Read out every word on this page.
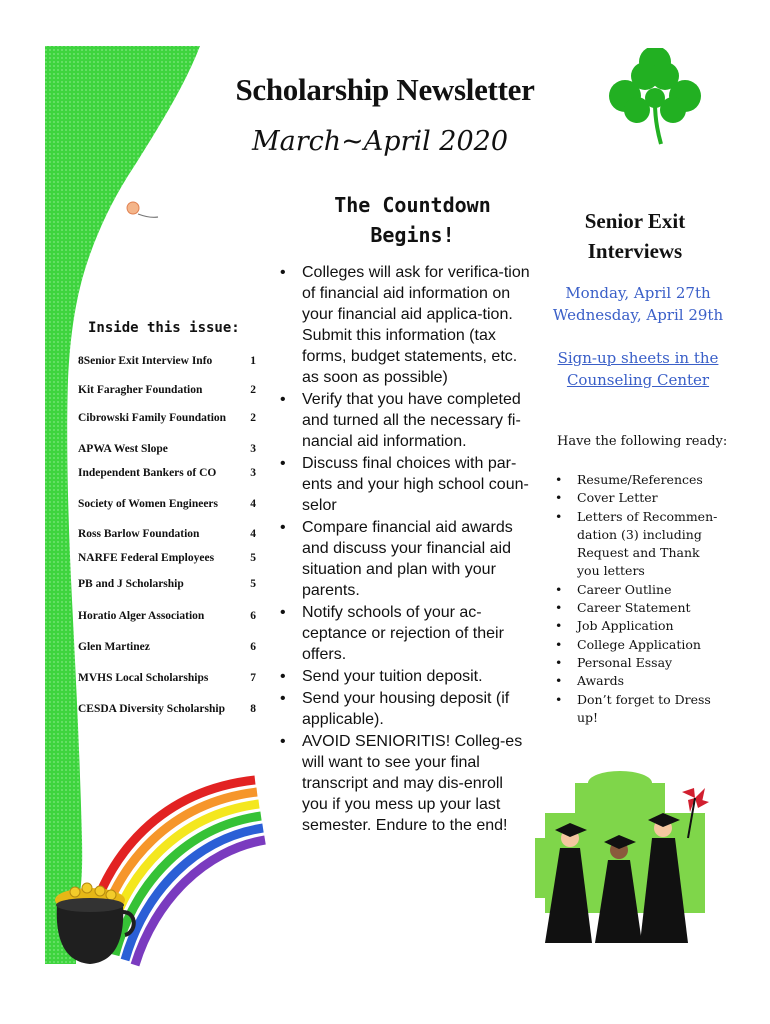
Scholarship Newsletter
March~April 2020
The Countdown
Begins!
Inside this issue:
8Senior Exit Interview Info	1
Kit Faragher Foundation	2
Cibrowski Family Foundation 2
APWA West Slope	3
Independent Bankers of CO	3
Society of Women Engineers	4
Ross Barlow Foundation	4
NARFE Federal Employees	5
PB and J Scholarship	5
Horatio Alger Association	6
Glen Martinez	6
MVHS Local Scholarships	7
CESDA Diversity Scholarship 8
• Colleges will ask for verifica-tion of financial aid information on your financial aid applica-tion. Submit this information (tax forms, budget statements, etc. as soon as possible)
• Verify that you have completed and turned all the necessary fi-nancial aid information.
• Discuss final choices with par-ents and your high school coun-selor
• Compare financial aid awards and discuss your financial aid situation and plan with your parents.
• Notify schools of your ac-ceptance or rejection of their offers.
• Send your tuition deposit.
• Send your housing deposit (if applicable).
• AVOID SENIORITIS! Colleg-es will want to see your final transcript and may dis-enroll you if you mess up your last semester. Endure to the end!
Senior Exit
Interviews
Monday, April 27th
Wednesday, April 29th
Sign-up sheets in the
Counseling Center
Have the following ready:
• Resume/References
• Cover Letter
• Letters of Recommen-dation (3) including Request and Thank you letters
• Career Outline
• Career Statement
• Job Application
• College Application
• Personal Essay
• Awards
• Don’t forget to Dress up!
